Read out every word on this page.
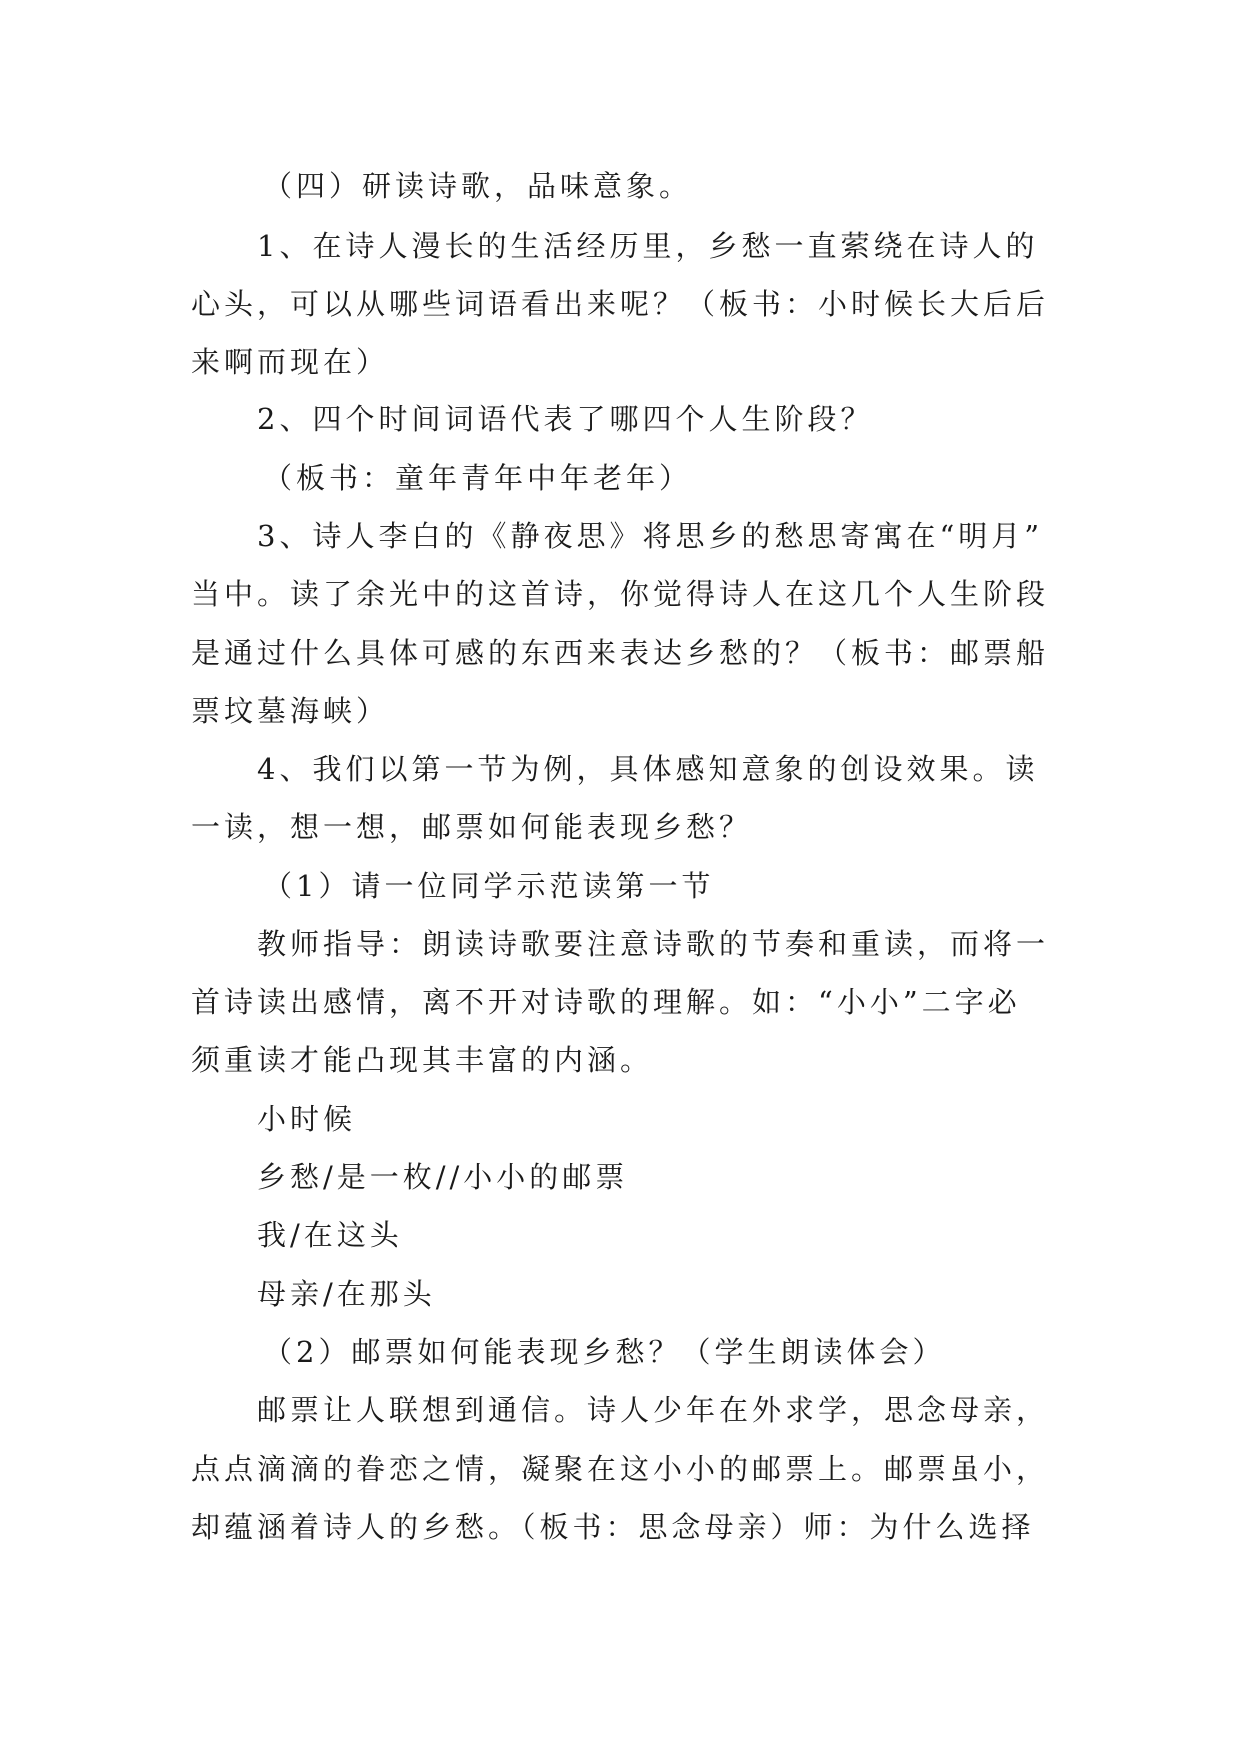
（四）研读诗歌，品味意象。

1、在诗人漫长的生活经历里，乡愁一直萦绕在诗人的

心头，可以从哪些词语看出来呢？（板书：小时候长大后后

来啊而现在）

2、四个时间词语代表了哪四个人生阶段？

（板书：童年青年中年老年）

3、诗人李白的《静夜思》将思乡的愁思寄寓在“明月”

当中。读了余光中的这首诗，你觉得诗人在这几个人生阶段

是通过什么具体可感的东西来表达乡愁的？（板书：邮票船

票坟墓海峡）

4、我们以第一节为例，具体感知意象的创设效果。读

一读，想一想，邮票如何能表现乡愁？

（1）请一位同学示范读第一节

教师指导：朗读诗歌要注意诗歌的节奏和重读，而将一

首诗读出感情，离不开对诗歌的理解。如：“小小”二字必

须重读才能凸现其丰富的内涵。

小时候

乡愁/是一枚//小小的邮票

我/在这头

母亲/在那头

（2）邮票如何能表现乡愁？（学生朗读体会）

邮票让人联想到通信。诗人少年在外求学，思念母亲，

点点滴滴的眷恋之情，凝聚在这小小的邮票上。邮票虽小，

却蕴涵着诗人的乡愁。（板书：思念母亲）师：为什么选择
